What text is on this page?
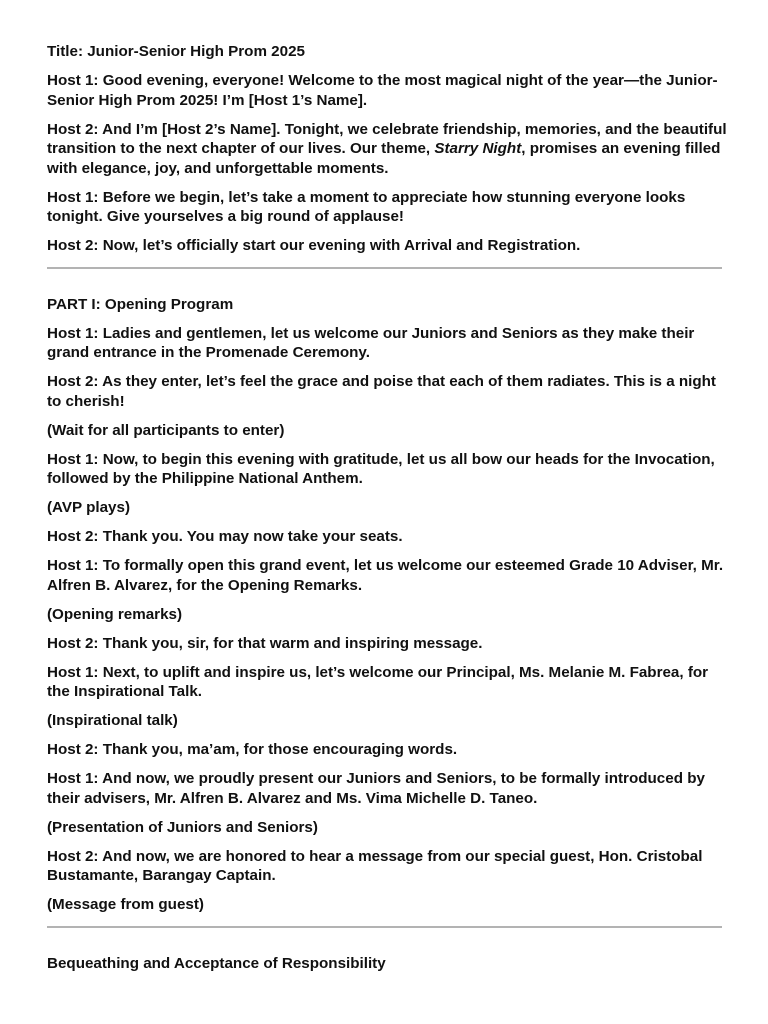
Title: Junior-Senior High Prom 2025

Host 1: Good evening, everyone! Welcome to the most magical night of the year—the Junior-Senior High Prom 2025! I’m [Host 1’s Name].

Host 2: And I’m [Host 2’s Name]. Tonight, we celebrate friendship, memories, and the beautiful transition to the next chapter of our lives. Our theme, Starry Night, promises an evening filled with elegance, joy, and unforgettable moments.

Host 1: Before we begin, let’s take a moment to appreciate how stunning everyone looks tonight. Give yourselves a big round of applause!

Host 2: Now, let’s officially start our evening with Arrival and Registration.

PART I: Opening Program

Host 1: Ladies and gentlemen, let us welcome our Juniors and Seniors as they make their grand entrance in the Promenade Ceremony.

Host 2: As they enter, let’s feel the grace and poise that each of them radiates. This is a night to cherish!

(Wait for all participants to enter)

Host 1: Now, to begin this evening with gratitude, let us all bow our heads for the Invocation, followed by the Philippine National Anthem.

(AVP plays)

Host 2: Thank you. You may now take your seats.

Host 1: To formally open this grand event, let us welcome our esteemed Grade 10 Adviser, Mr. Alfren B. Alvarez, for the Opening Remarks.

(Opening remarks)

Host 2: Thank you, sir, for that warm and inspiring message.

Host 1: Next, to uplift and inspire us, let’s welcome our Principal, Ms. Melanie M. Fabrea, for the Inspirational Talk.

(Inspirational talk)

Host 2: Thank you, ma’am, for those encouraging words.

Host 1: And now, we proudly present our Juniors and Seniors, to be formally introduced by their advisers, Mr. Alfren B. Alvarez and Ms. Vima Michelle D. Taneo.

(Presentation of Juniors and Seniors)

Host 2: And now, we are honored to hear a message from our special guest, Hon. Cristobal Bustamante, Barangay Captain.

(Message from guest)

Bequeathing and Acceptance of Responsibility
